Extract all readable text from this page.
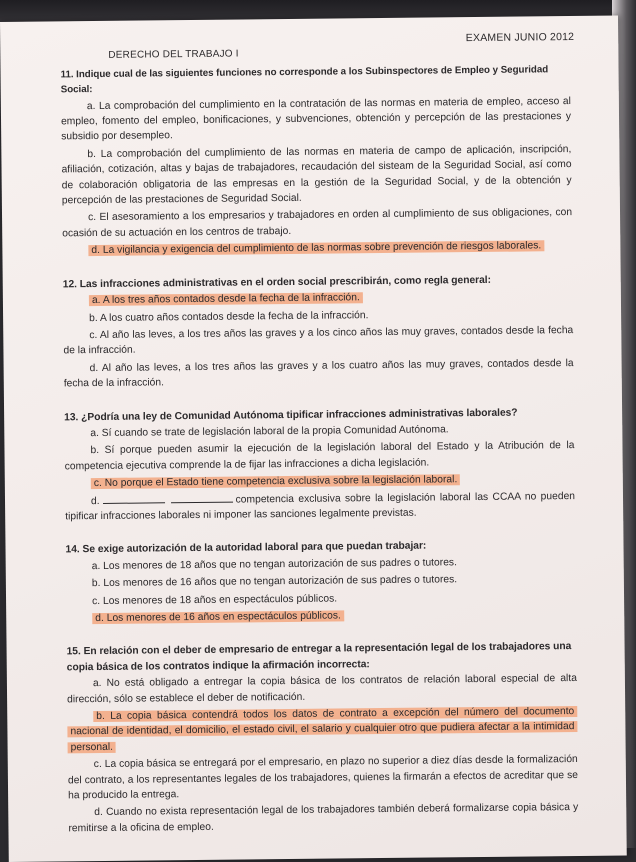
EXAMEN JUNIO 2012
DERECHO DEL TRABAJO I
11. Indique cual de las siguientes funciones no corresponde a los Subinspectores de Empleo y Seguridad Social:
a. La comprobación del cumplimiento en la contratación de las normas en materia de empleo, acceso al empleo, fomento del empleo, bonificaciones, y subvenciones, obtención y percepción de las prestaciones y subsidio por desempleo.
b. La comprobación del cumplimiento de las normas en materia de campo de aplicación, inscripción, afiliación, cotización, altas y bajas de trabajadores, recaudación del sisteam de la Seguridad Social, así como de colaboración obligatoria de las empresas en la gestión de la Seguridad Social, y de la obtención y percepción de las prestaciones de Seguridad Social.
c. El asesoramiento a los empresarios y trabajadores en orden al cumplimiento de sus obligaciones, con ocasión de su actuación en los centros de trabajo.
d. La vigilancia y exigencia del cumplimiento de las normas sobre prevención de riesgos laborales.
12. Las infracciones administrativas en el orden social prescribirán, como regla general:
a. A los tres años contados desde la fecha de la infracción.
b. A los cuatro años contados desde la fecha de la infracción.
c. Al año las leves, a los tres años las graves y a los cinco años las muy graves, contados desde la fecha de la infracción.
d. Al año las leves, a los tres años las graves y a los cuatro años las muy graves, contados desde la fecha de la infracción.
13. ¿Podría una ley de Comunidad Autónoma tipificar infracciones administrativas laborales?
a. Sí cuando se trate de legislación laboral de la propia Comunidad Autónoma.
b. Sí porque pueden asumir la ejecución de la legislación laboral del Estado y la Atribución de la competencia ejecutiva comprende la de fijar las infracciones a dicha legislación.
c. No porque el Estado tiene competencia exclusiva sobre la legislación laboral.
d.	competencia exclusiva sobre la legislación laboral las CCAA no pueden tipificar infracciones laborales ni imponer las sanciones legalmente previstas.
14. Se exige autorización de la autoridad laboral para que puedan trabajar:
a. Los menores de 18 años que no tengan autorización de sus padres o tutores.
b. Los menores de 16 años que no tengan autorización de sus padres o tutores.
c. Los menores de 18 años en espectáculos públicos.
d. Los menores de 16 años en espectáculos públicos.
15. En relación con el deber de empresario de entregar a la representación legal de los trabajadores una copia básica de los contratos indique la afirmación incorrecta:
a. No está obligado a entregar la copia básica de los contratos de relación laboral especial de alta dirección, sólo se establece el deber de notificación.
b. La copia básica contendrá todos los datos de contrato a excepción del número del documento nacional de identidad, el domicilio, el estado civil, el salario y cualquier otro que pudiera afectar a la intimidad personal.
c. La copia básica se entregará por el empresario, en plazo no superior a diez días desde la formalización del contrato, a los representantes legales de los trabajadores, quienes la firmarán a efectos de acreditar que se ha producido la entrega.
d. Cuando no exista representación legal de los trabajadores también deberá formalizarse copia básica y remitirse a la oficina de empleo.
